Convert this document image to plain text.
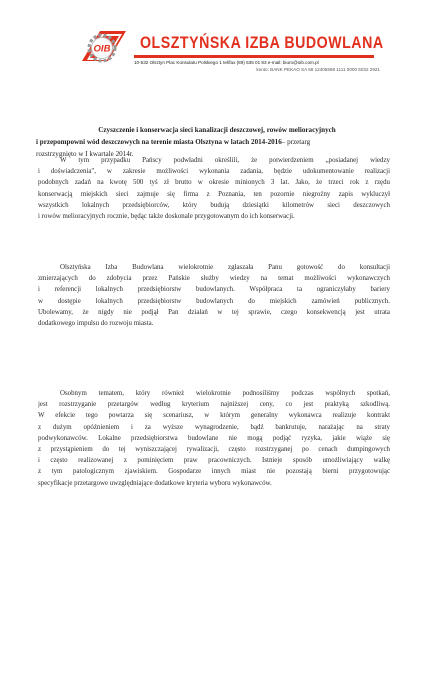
OIB OLSZTYŃSKA IZBA BUDOWLANA
10-532 Olsztyn Plac Konsulatu Polskiego 1 tel/fax (89) 535 01 83 e-mail: biuro@oib.com.pl
konto: BANK PEKAO SA 58 12405598 1111 0000 5032 2921
Czyszczenie i konserwacja sieci kanalizacji deszczowej, rowów melioracyjnych
i przepompowni wód deszczowych na terenie miasta Olsztyna w latach 2014-2016– przetarg
rozstrzygnięto w I kwartale 2014r.
W tym przypadku Pańscy podwładni określili, że potwierdzeniem „posiadanej wiedzy
i doświadczenia", w zakresie możliwości wykonania zadania, będzie udokumentowanie realizacji
podobnych zadań na kwotę 500 tyś zł brutto w okresie minionych 3 lat. Jako, że trzeci rok z rzędu
konserwacją miejskich sieci zajmuje się firma z Poznania, ten pozornie niegroźny zapis wykluczył
wszystkich lokalnych przedsiębiorców, który budują dziesiątki kilometrów sieci deszczowych
i rowów melioracyjnych rocznie, będąc także doskonale przygotowanym do ich konserwacji.
Olsztyńska Izba Budowlana wielokrotnie zgłaszała Panu gotowość do konsultacji
zmierzających do zdobycia przez Pańskie służby wiedzy na temat możliwości wykonawczych
i referencji lokalnych przedsiębiorstw budowlanych. Współpraca ta ograniczyłaby bariery
w dostępie lokalnych przedsiębiorstw budowlanych do miejskich zamówień publicznych.
Ubolewamy, że nigdy nie podjął Pan działań w tej sprawie, czego konsekwencją jest utrata
dodatkowego impulsu do rozwoju miasta.
Osobnym tematem, który również wielokrotnie podnosiliśmy podczas wspólnych spotkań,
jest rozstrzyganie przetargów według kryterium najniższej ceny, co jest praktyką szkodliwą.
W efekcie tego powtarza się scenariusz, w którym generalny wykonawca realizuje kontrakt
z dużym opóźnieniem i za wyższe wynagrodzenie, bądź bankrutuje, narażając na straty
podwykonawców. Lokalne przedsiębiorstwa budowlane nie mogą podjąć ryzyka, jakie wiąże się
z przystąpieniem do tej wyniszczającej rywalizacji, często rozstrzyganej po cenach dumpingowych
i często realizowanej z pominięciem praw pracowniczych. Istnieje sposób umożliwiający walkę
z tym patologicznym zjawiskiem. Gospodarze innych miast nie pozostają bierni przygotowując
specyfikacje przetargowe uwzględniające dodatkowe kryteria wyboru wykonawców.
